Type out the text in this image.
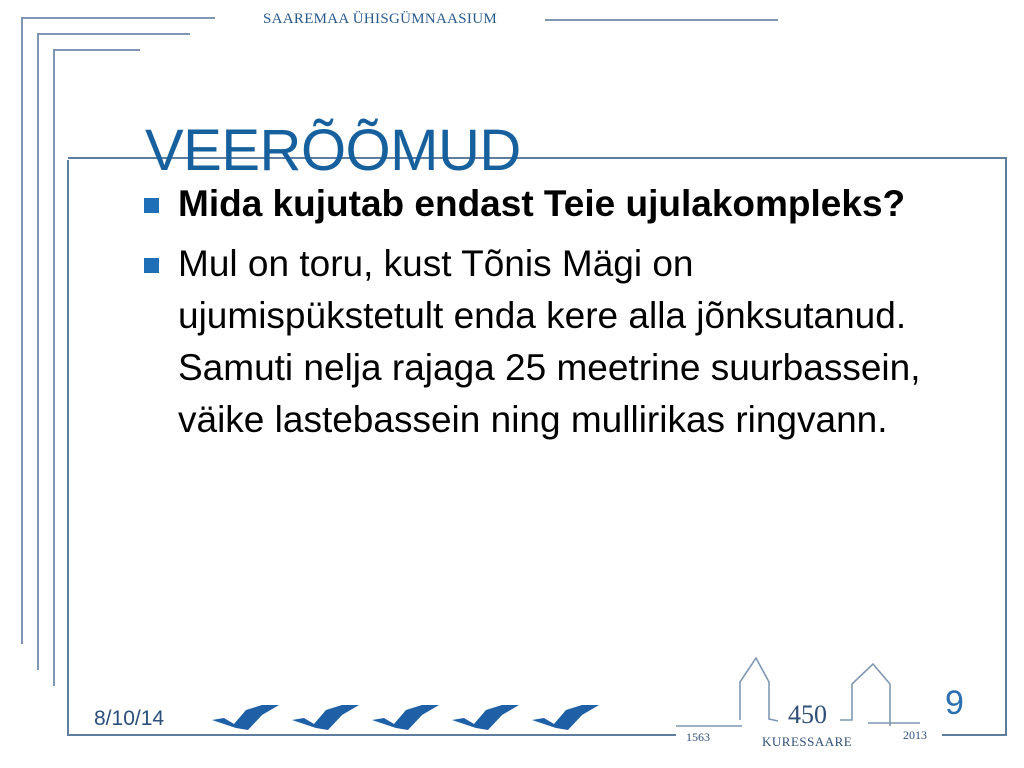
SAAREMAA ÜHISGÜMNAASIUM
VEERÕÕMUD
Mida kujutab endast Teie ujulakompleks?
Mul on toru, kust Tõnis Mägi on ujumispükstetult enda kere alla jõnksutanud. Samuti nelja rajaga 25 meetrine suurbassein, väike lastebassein ning mullirikas ringvann.
8/10/14	9
450
1563	2013
KURESSAARE
